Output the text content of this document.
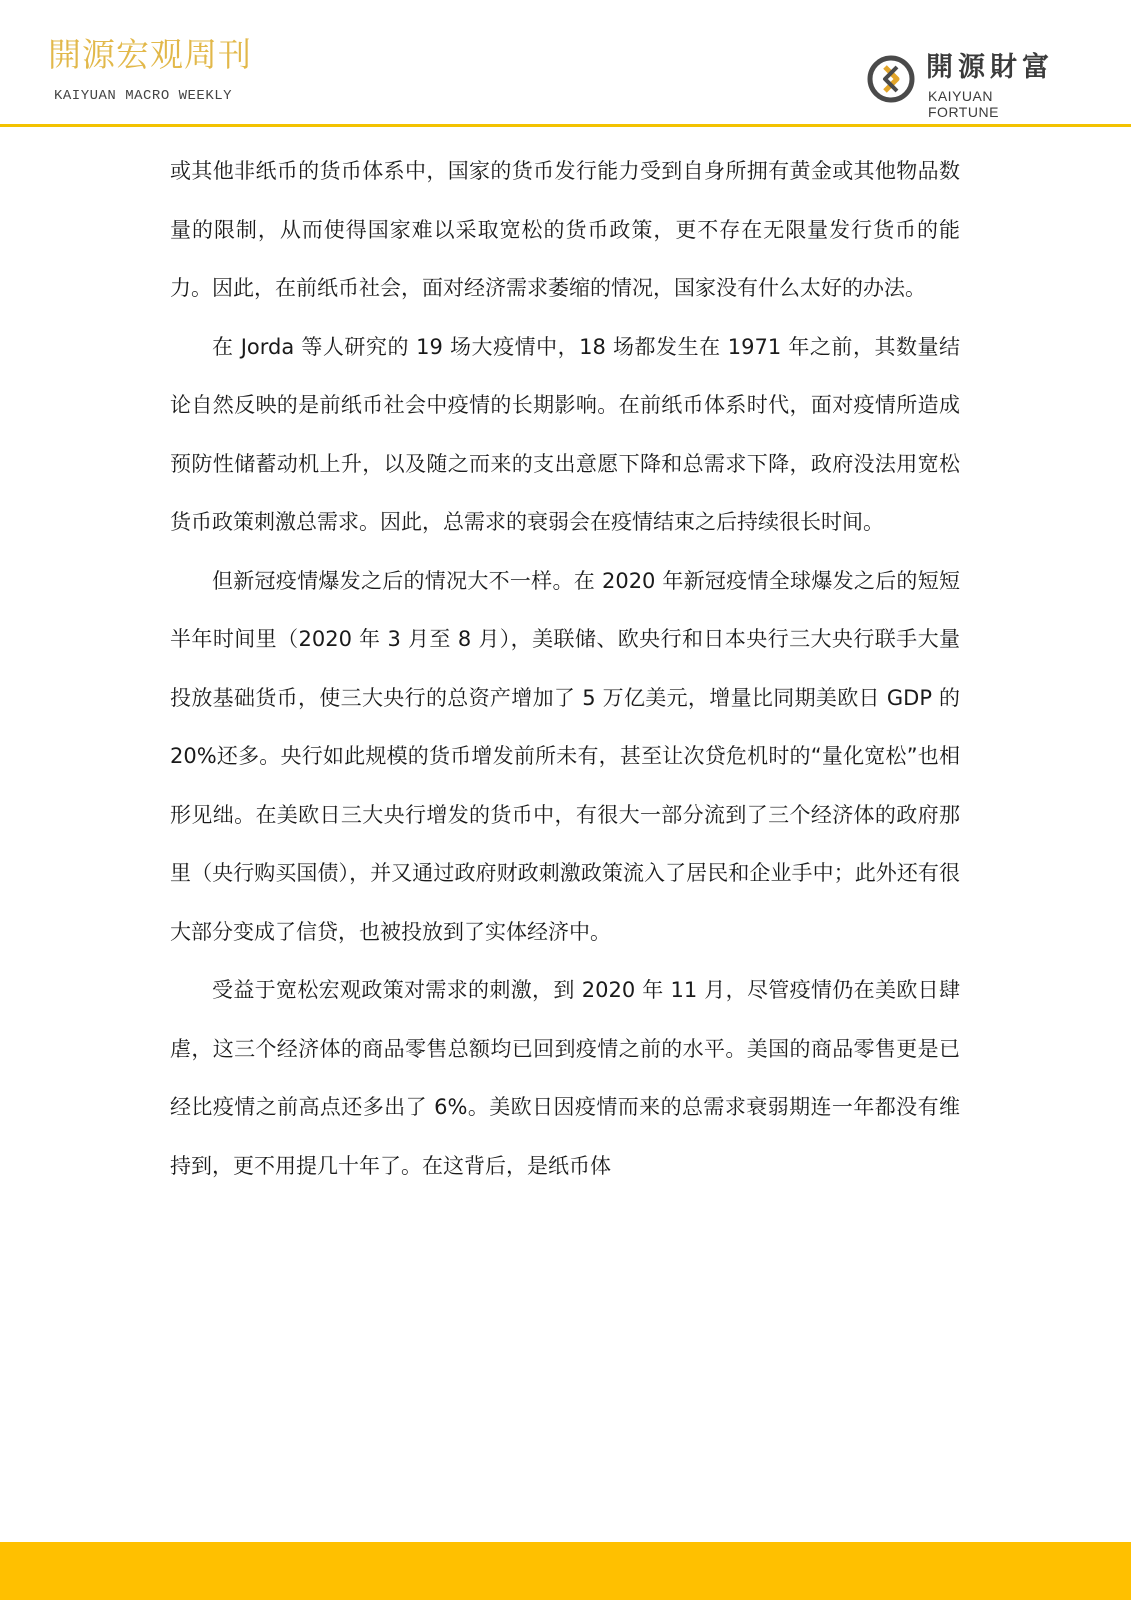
開源宏观周刊
KAIYUAN MACRO WEEKLY
開源財富
KAIYUAN FORTUNE

或其他非纸币的货币体系中，国家的货币发行能力受到自身所拥有黄金或其他物品数量的限制，从而使得国家难以采取宽松的货币政策，更不存在无限量发行货币的能力。因此，在前纸币社会，面对经济需求萎缩的情况，国家没有什么太好的办法。

在 Jorda 等人研究的 19 场大疫情中，18 场都发生在 1971 年之前，其数量结论自然反映的是前纸币社会中疫情的长期影响。在前纸币体系时代，面对疫情所造成预防性储蓄动机上升，以及随之而来的支出意愿下降和总需求下降，政府没法用宽松货币政策刺激总需求。因此，总需求的衰弱会在疫情结束之后持续很长时间。

但新冠疫情爆发之后的情况大不一样。在 2020 年新冠疫情全球爆发之后的短短半年时间里（2020 年 3 月至 8 月），美联储、欧央行和日本央行三大央行联手大量投放基础货币，使三大央行的总资产增加了 5 万亿美元，增量比同期美欧日 GDP 的 20%还多。央行如此规模的货币增发前所未有，甚至让次贷危机时的“量化宽松”也相形见绌。在美欧日三大央行增发的货币中，有很大一部分流到了三个经济体的政府那里（央行购买国债），并又通过政府财政刺激政策流入了居民和企业手中；此外还有很大部分变成了信贷，也被投放到了实体经济中。

受益于宽松宏观政策对需求的刺激，到 2020 年 11 月，尽管疫情仍在美欧日肆虐，这三个经济体的商品零售总额均已回到疫情之前的水平。美国的商品零售更是已经比疫情之前高点还多出了 6%。美欧日因疫情而来的总需求衰弱期连一年都没有维持到，更不用提几十年了。在这背后，是纸币体
